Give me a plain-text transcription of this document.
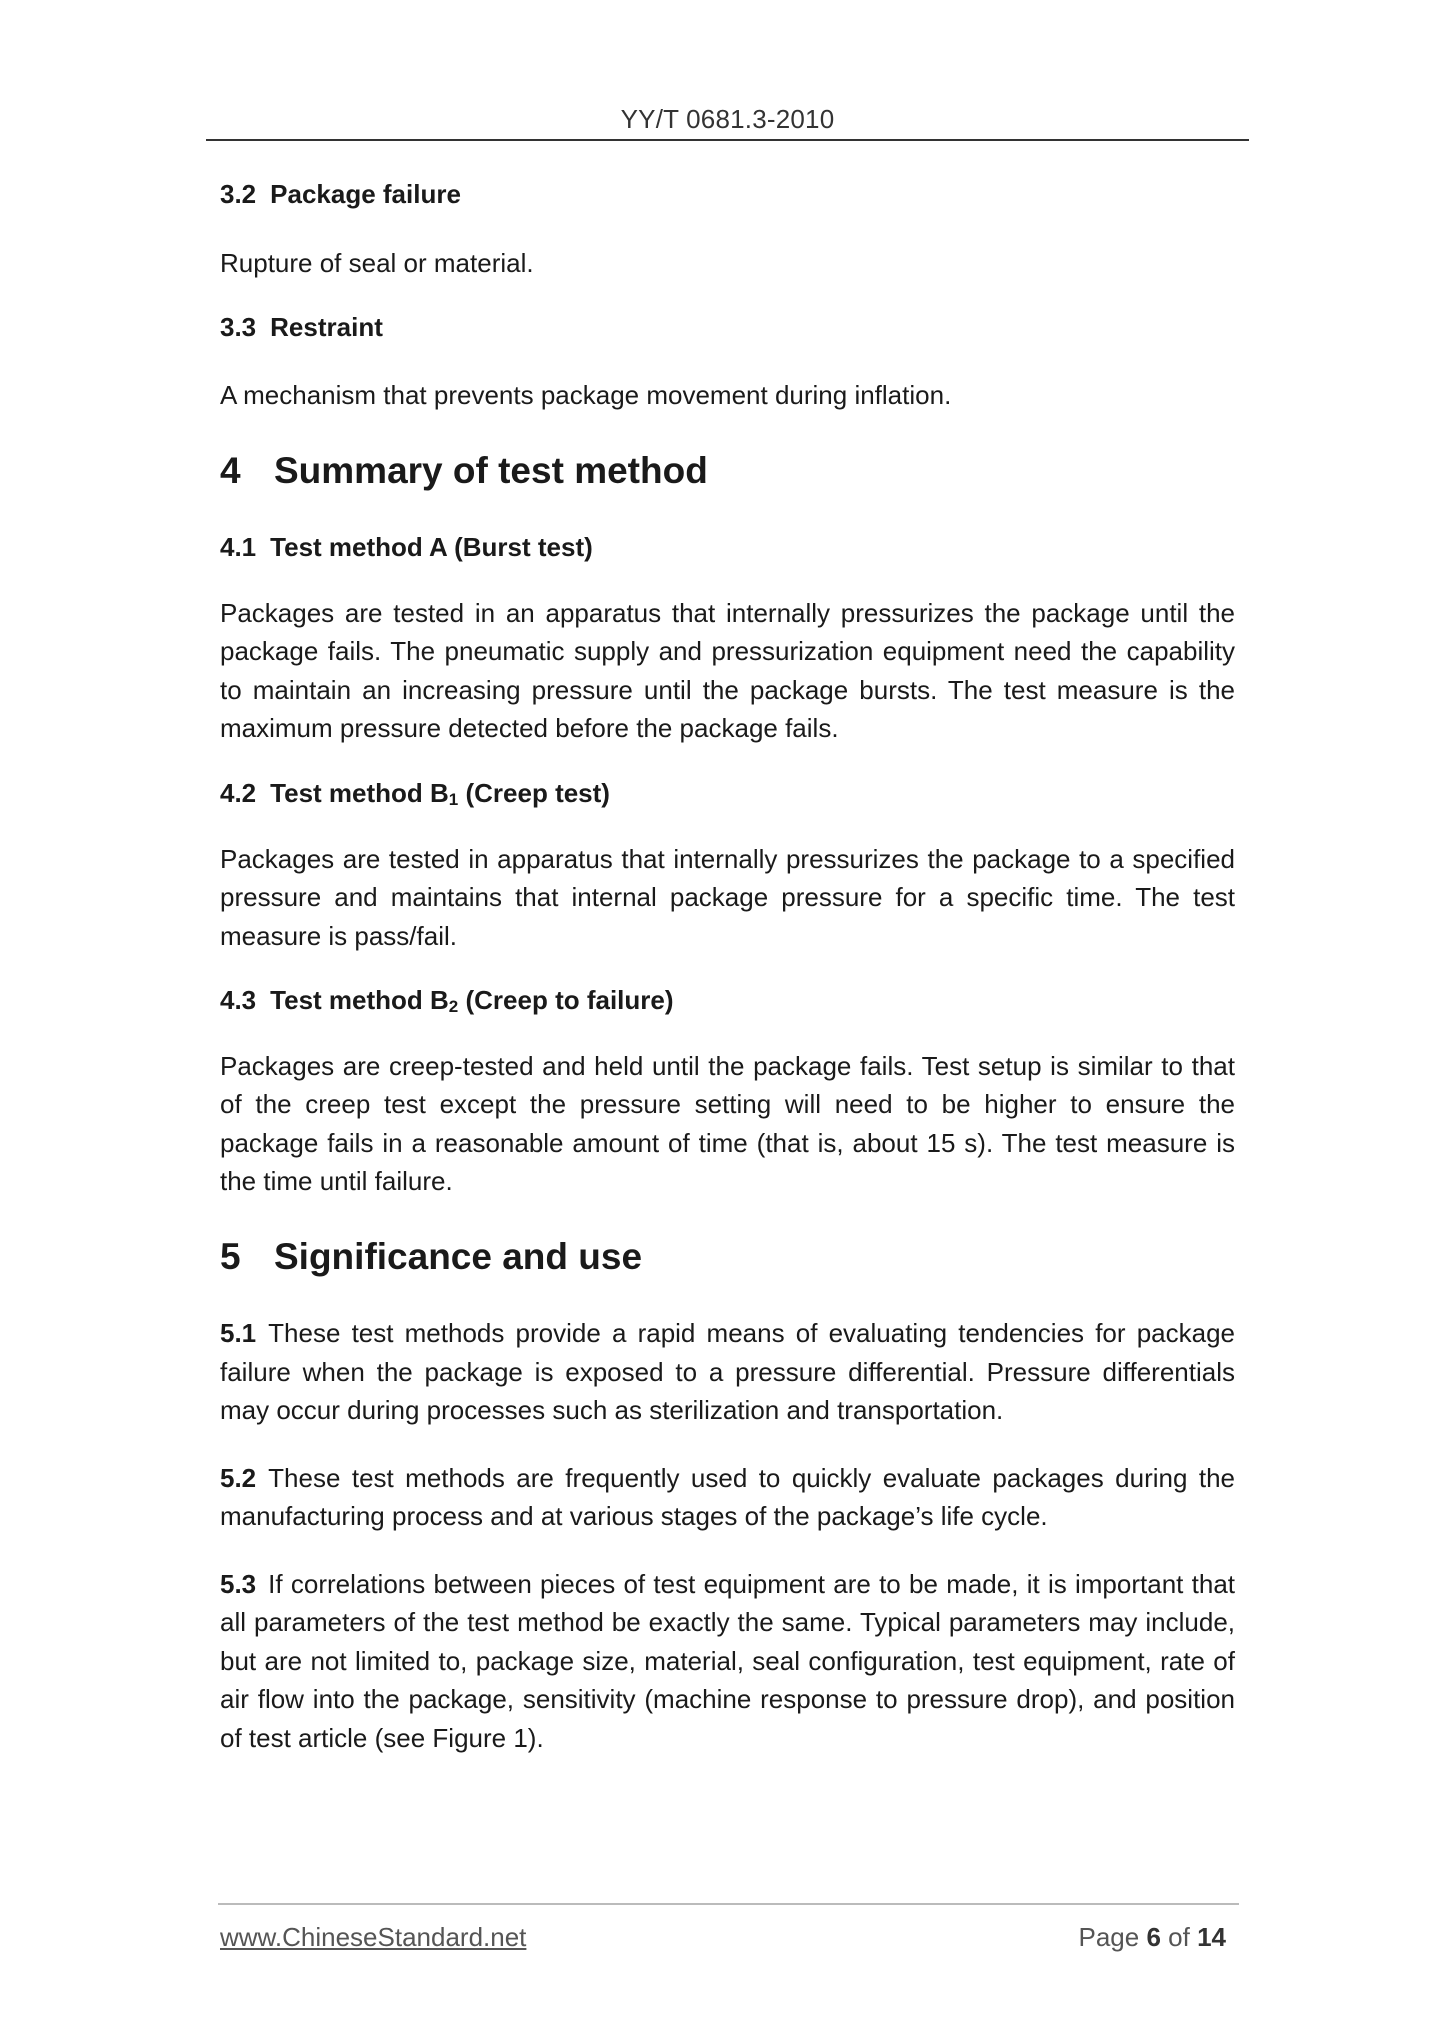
YY/T 0681.3-2010
3.2 Package failure

Rupture of seal or material.

3.3 Restraint

A mechanism that prevents package movement during inflation.

4 Summary of test method
4.1 Test method A (Burst test)

Packages are tested in an apparatus that internally pressurizes the package until the package fails. The pneumatic supply and pressurization equipment need the capability to maintain an increasing pressure until the package bursts. The test measure is the maximum pressure detected before the package fails.

4.2 Test method $B_1$ (Creep test)

Packages are tested in apparatus that internally pressurizes the package to a specified pressure and maintains that internal package pressure for a specific time. The test measure is pass/fail.

4.3 Test method $B_2$ (Creep to failure)

Packages are creep-tested and held until the package fails. Test setup is similar to that of the creep test except the pressure setting will need to be higher to ensure the package fails in a reasonable amount of time (that is, about 15 s). The test measure is the time until failure.

5 Significance and use

5.1 These test methods provide a rapid means of evaluating tendencies for package failure when the package is exposed to a pressure differential. Pressure differentials may occur during processes such as sterilization and transportation.

5.2 These test methods are frequently used to quickly evaluate packages during the manufacturing process and at various stages of the package’s life cycle.

5.3 If correlations between pieces of test equipment are to be made, it is important that all parameters of the test method be exactly the same. Typical parameters may include, but are not limited to, package size, material, seal configuration, test equipment, rate of air flow into the package, sensitivity (machine response to pressure drop), and position of test article (see Figure 1).

www.ChineseStandard.net	Page 6 of 14
